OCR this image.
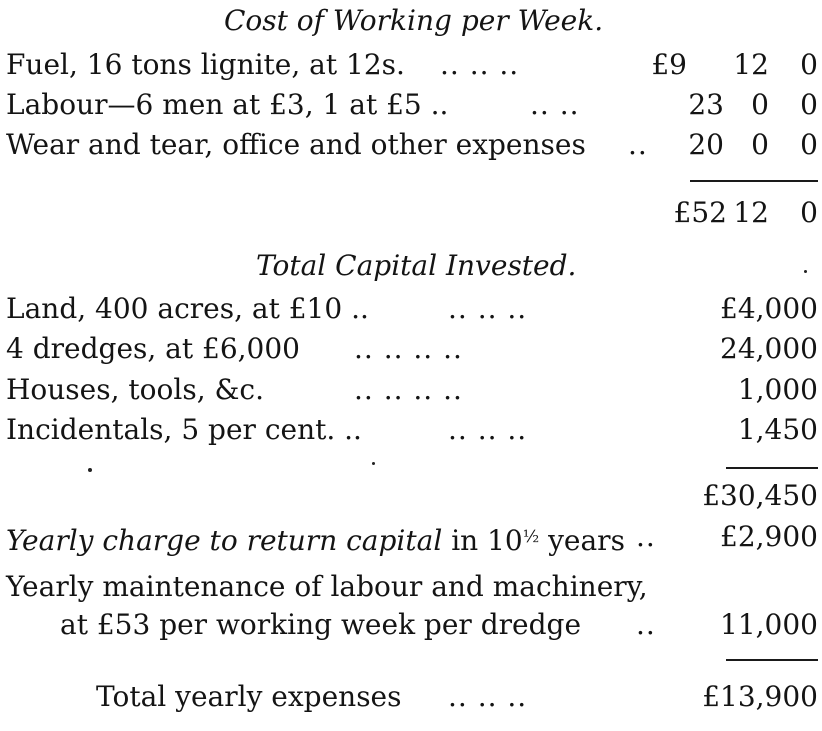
Cost of Working per Week.
Fuel, 16 tons lignite, at 12s. .. .. ..	£9 12 0
Labour—6 men at £3, 1 at £5 ..	.. ..	23 0 0
Wear and tear, office and other expenses .. 20 0 0
£52 12 0
Total Capital Invested.
Land, 400 acres, at £10 ..	.. .. ..	£4,000
4 dredges, at £6,000 .. .. .. ..	24,000
Houses, tools, &c.	.. .. .. ..	1,000
Incidentals, 5 per cent. ..	.. .. ..	1,450
£30,450
Yearly charge to return capital in $10^{\frac{1}{2}}$ years .. £2,900
Yearly maintenance of labour and machinery,
at £53 per working week per dredge .. 11,000
Total yearly expenses .. .. ..	£13,900
